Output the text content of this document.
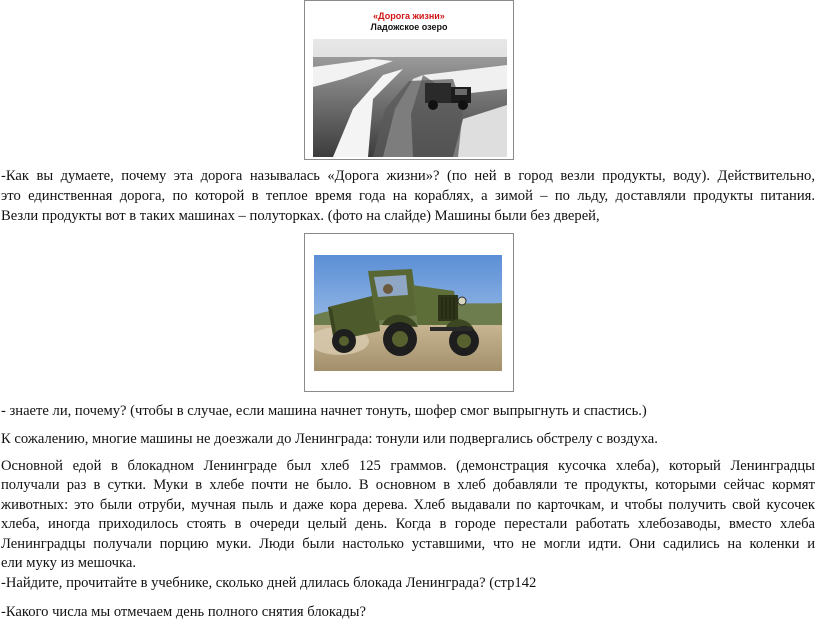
«Дорога жизни»
Ладожское озеро
-Как вы думаете, почему эта дорога называлась «Дорога жизни»? (по ней в город везли продукты, воду). Действительно,
это единственная дорога, по которой в теплое время года на кораблях, а зимой – по льду, доставляли продукты питания.
Везли продукты вот в таких машинах – полуторках. (фото на слайде) Машины были без дверей,

- знаете ли, почему? (чтобы в случае, если машина начнет тонуть, шофер смог выпрыгнуть и спастись.)

К сожалению, многие машины не доезжали до Ленинграда: тонули или подвергались обстрелу с воздуха.

Основной едой в блокадном Ленинграде был хлеб 125 граммов. (демонстрация кусочка хлеба), который Ленинградцы
получали раз в сутки. Муки в хлебе почти не было. В основном в хлеб добавляли те продукты, которыми сейчас кормят
животных: это были отруби, мучная пыль и даже кора дерева. Хлеб выдавали по карточкам, и чтобы получить свой кусочек
хлеба, иногда приходилось стоять в очереди целый день. Когда в городе перестали работать хлебозаводы, вместо хлеба
Ленинградцы получали порцию муки. Люди были настолько уставшими, что не могли идти. Они садились на коленки и
ели муку из мешочка.

-Найдите, прочитайте в учебнике, сколько дней длилась блокада Ленинграда? (стр142

-Какого числа мы отмечаем день полного снятия блокады?
